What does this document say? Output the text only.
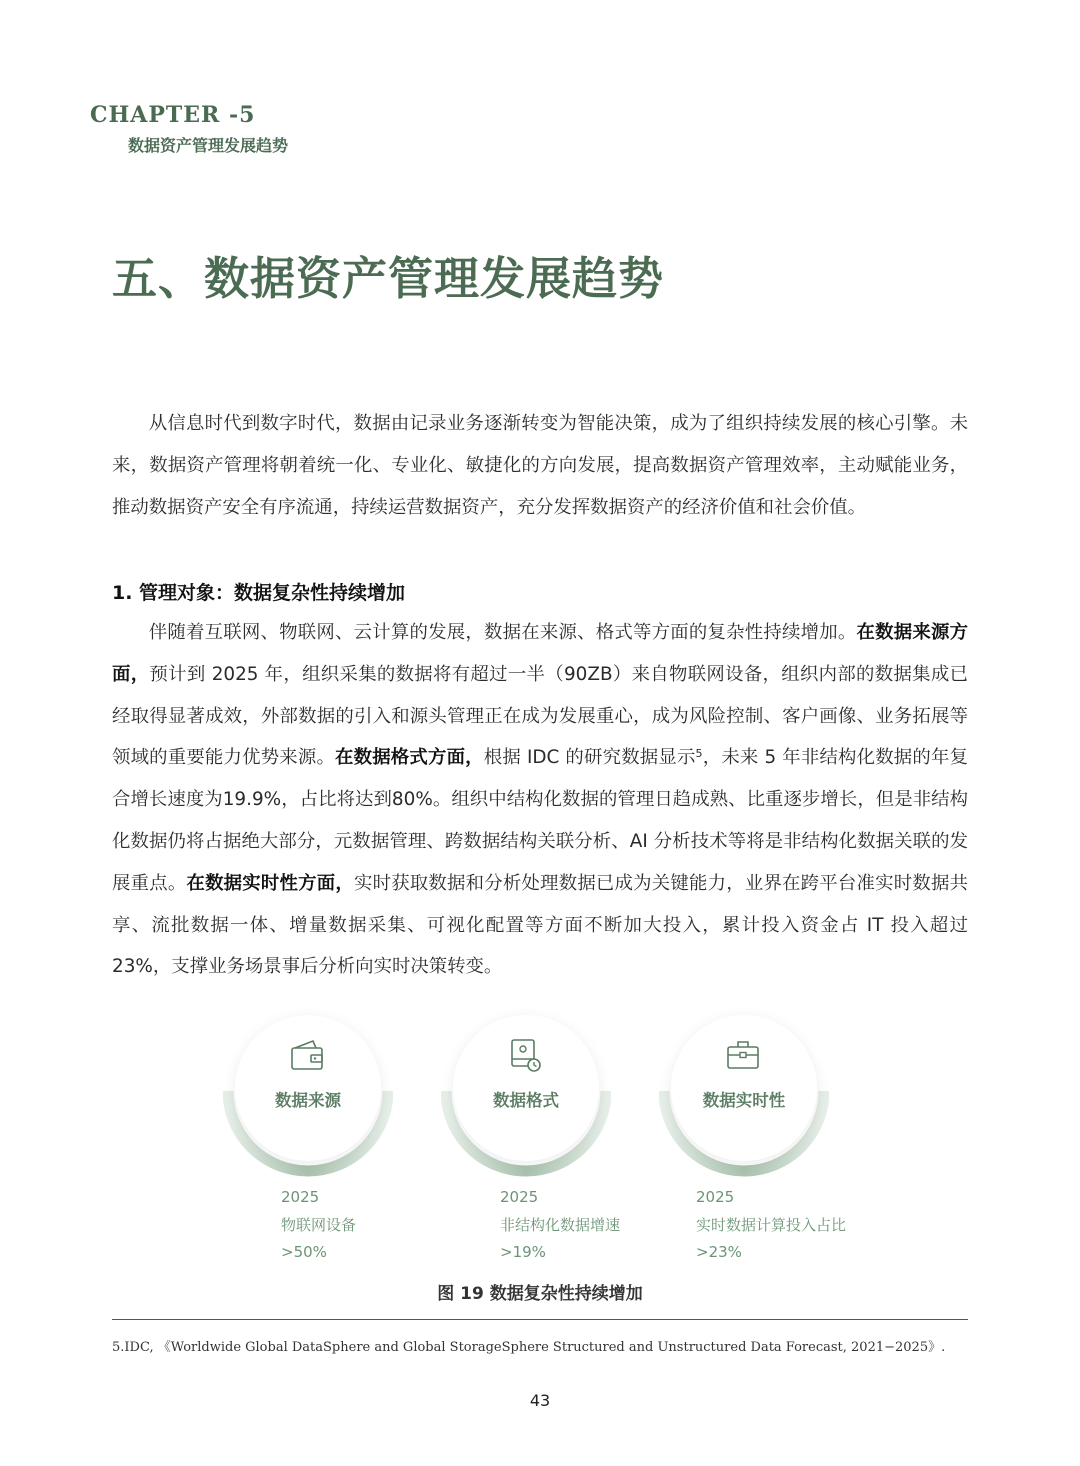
CHAPTER -5
数据资产管理发展趋势
五、数据资产管理发展趋势

从信息时代到数字时代，数据由记录业务逐渐转变为智能决策，成为了组织持续发展的核心引擎。未来，数据资产管理将朝着统一化、专业化、敏捷化的方向发展，提高数据资产管理效率，主动赋能业务，推动数据资产安全有序流通，持续运营数据资产，充分发挥数据资产的经济价值和社会价值。

1. 管理对象：数据复杂性持续增加

伴随着互联网、物联网、云计算的发展，数据在来源、格式等方面的复杂性持续增加。在数据来源方面，预计到 2025 年，组织采集的数据将有超过一半（90ZB）来自物联网设备，组织内部的数据集成已经取得显著成效，外部数据的引入和源头管理正在成为发展重心，成为风险控制、客户画像、业务拓展等领域的重要能力优势来源。在数据格式方面，根据 IDC 的研究数据显示$^5$，未来 5 年非结构化数据的年复合增长速度为19.9%，占比将达到80%。组织中结构化数据的管理日趋成熟、比重逐步增长，但是非结构化数据仍将占据绝大部分，元数据管理、跨数据结构关联分析、AI 分析技术等将是非结构化数据关联的发展重点。在数据实时性方面，实时获取数据和分析处理数据已成为关键能力，业界在跨平台准实时数据共享、流批数据一体、增量数据采集、可视化配置等方面不断加大投入，累计投入资金占 IT 投入超过 23%，支撑业务场景事后分析向实时决策转变。

数据来源	数据格式	数据实时性
2025
物联网设备
>50%
2025
非结构化数据增速
>19%
2025
实时数据计算投入占比
>23%
图 19 数据复杂性持续增加
5.IDC, 《Worldwide Global DataSphere and Global StorageSphere Structured and Unstructured Data Forecast, 2021−2025》.
43
